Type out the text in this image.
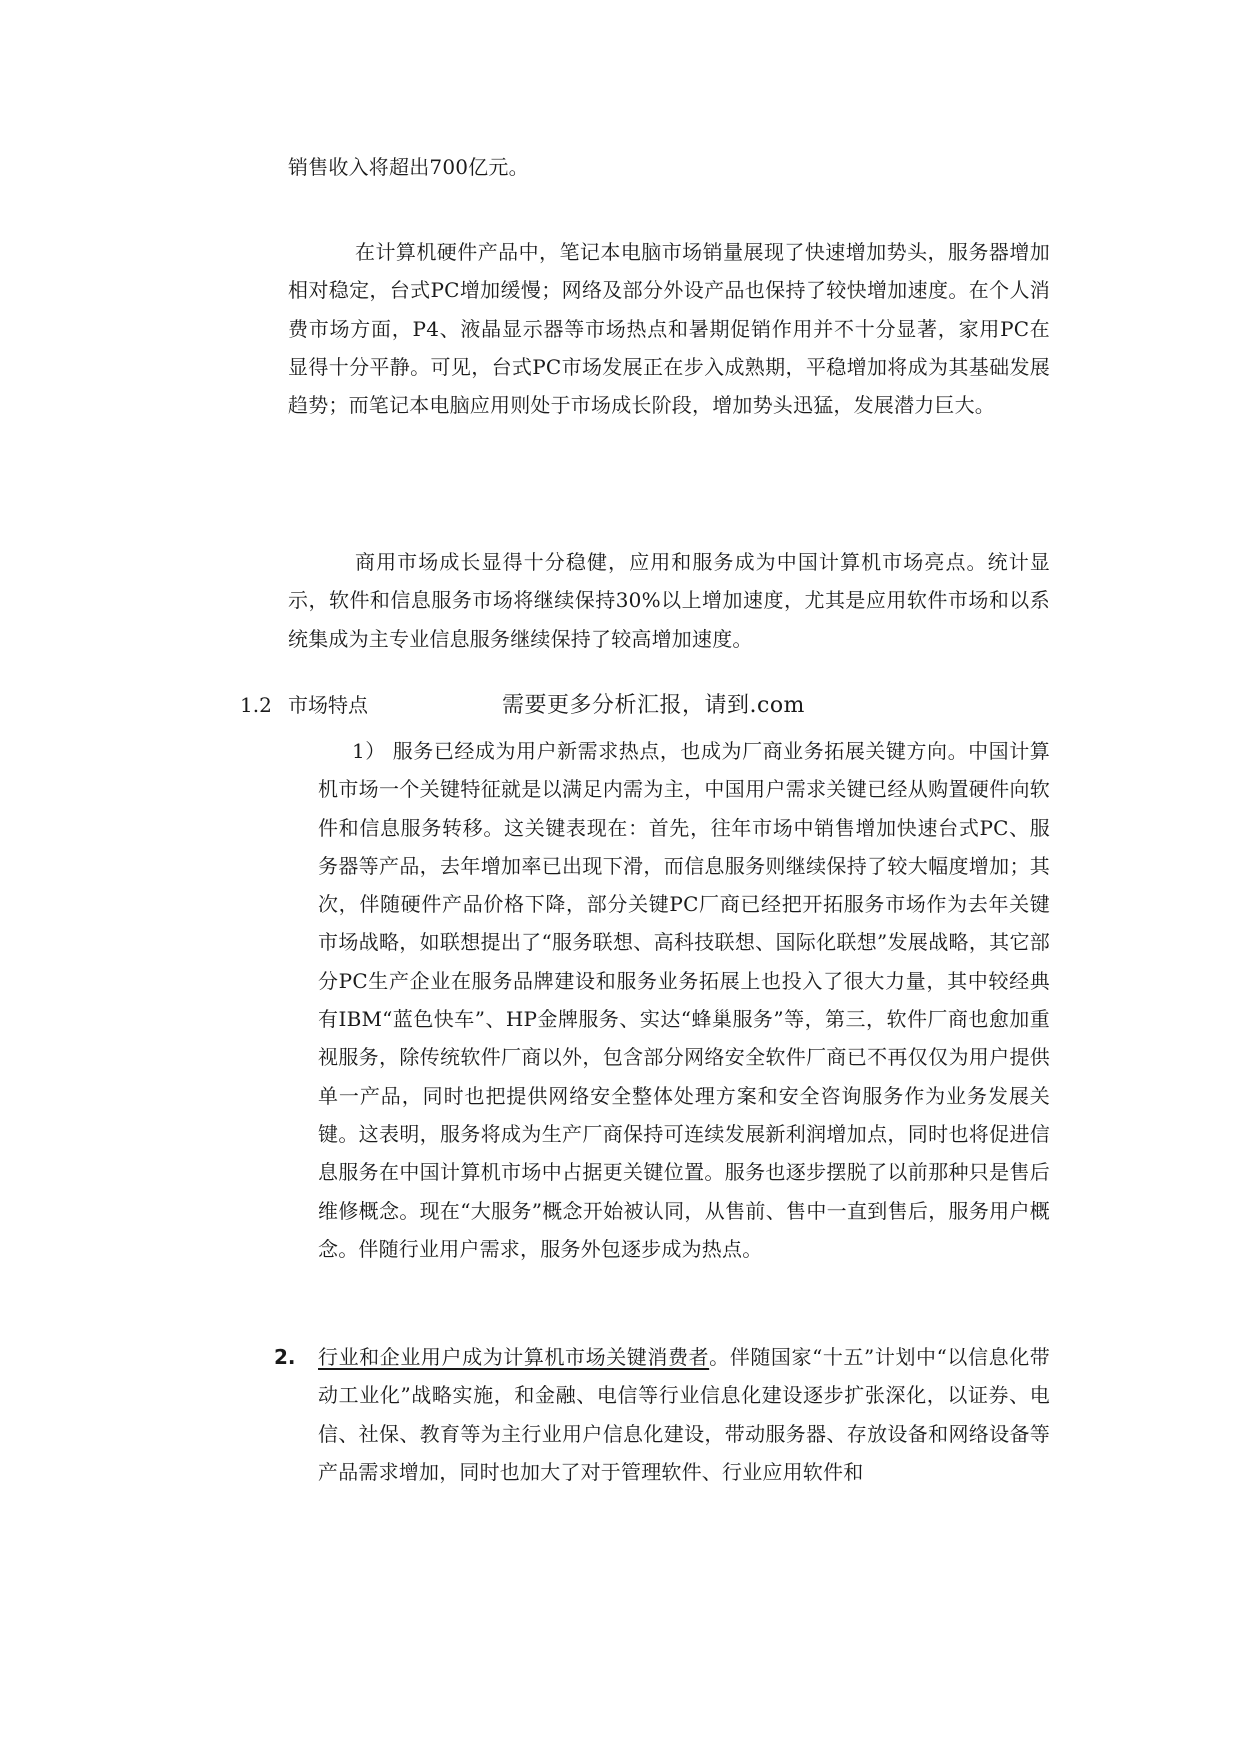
销售收入将超出700亿元。

在计算机硬件产品中，笔记本电脑市场销量展现了快速增加势头，服务器增加相对稳定，台式PC增加缓慢；网络及部分外设产品也保持了较快增加速度。在个人消费市场方面，P4、液晶显示器等市场热点和暑期促销作用并不十分显著，家用PC在显得十分平静。可见，台式PC市场发展正在步入成熟期，平稳增加将成为其基础发展趋势；而笔记本电脑应用则处于市场成长阶段，增加势头迅猛，发展潜力巨大。

商用市场成长显得十分稳健，应用和服务成为中国计算机市场亮点。统计显示，软件和信息服务市场将继续保持30%以上增加速度，尤其是应用软件市场和以系统集成为主专业信息服务继续保持了较高增加速度。

1.2 市场特点	需要更多分析汇报，请到.com

1） 服务已经成为用户新需求热点，也成为厂商业务拓展关键方向。中国计算机市场一个关键特征就是以满足内需为主，中国用户需求关键已经从购置硬件向软件和信息服务转移。这关键表现在：首先，往年市场中销售增加快速台式PC、服务器等产品，去年增加率已出现下滑，而信息服务则继续保持了较大幅度增加；其次，伴随硬件产品价格下降，部分关键PC厂商已经把开拓服务市场作为去年关键市场战略，如联想提出了“服务联想、高科技联想、国际化联想”发展战略，其它部分PC生产企业在服务品牌建设和服务业务拓展上也投入了很大力量，其中较经典有IBM“蓝色快车”、HP金牌服务、实达“蜂巢服务”等，第三，软件厂商也愈加重视服务，除传统软件厂商以外，包含部分网络安全软件厂商已不再仅仅为用户提供单一产品，同时也把提供网络安全整体处理方案和安全咨询服务作为业务发展关键。这表明，服务将成为生产厂商保持可连续发展新利润增加点，同时也将促进信息服务在中国计算机市场中占据更关键位置。服务也逐步摆脱了以前那种只是售后维修概念。现在“大服务”概念开始被认同，从售前、售中一直到售后，服务用户概念。伴随行业用户需求，服务外包逐步成为热点。

2. 行业和企业用户成为计算机市场关键消费者。伴随国家“十五”计划中“以信息化带动工业化”战略实施，和金融、电信等行业信息化建设逐步扩张深化，以证券、电信、社保、教育等为主行业用户信息化建设，带动服务器、存放设备和网络设备等产品需求增加，同时也加大了对于管理软件、行业应用软件和
